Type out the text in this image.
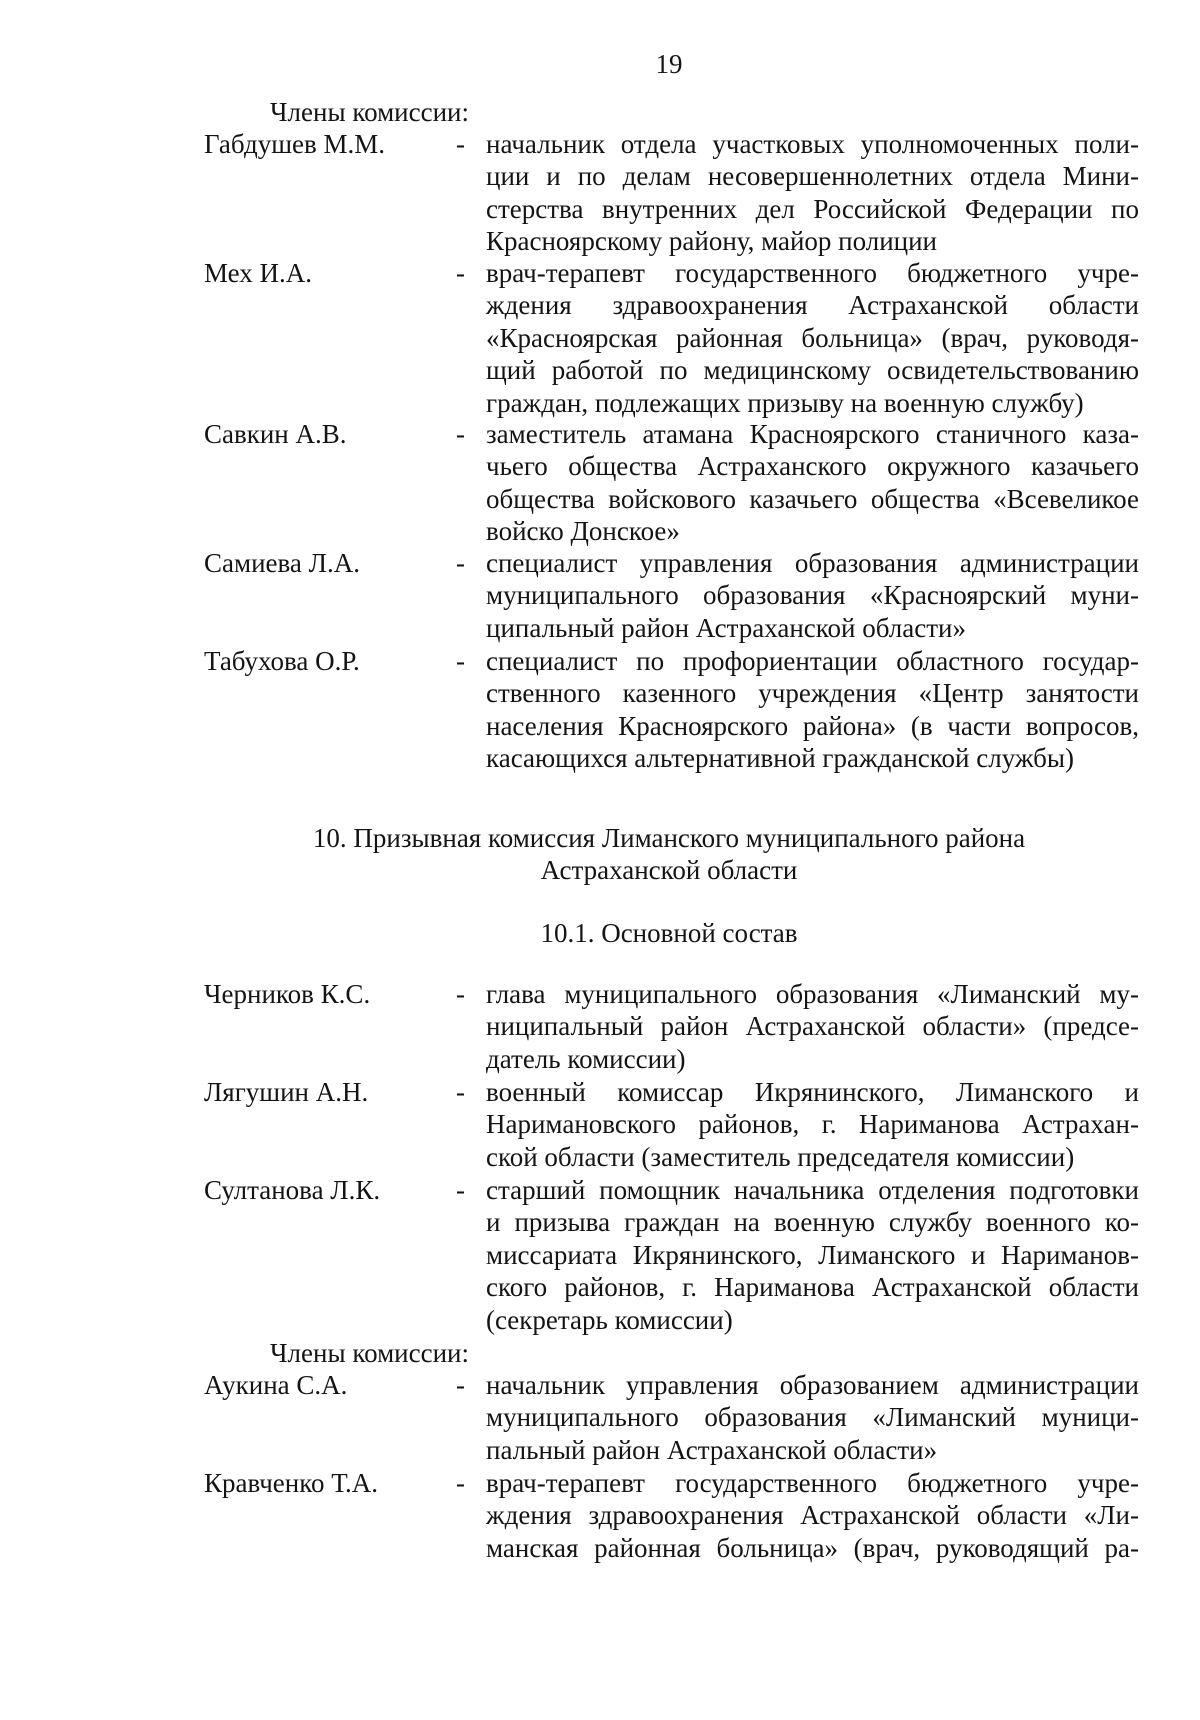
19
Члены комиссии:
Габдушев М.М.	- начальник отдела участковых уполномоченных поли-
ции и по делам несовершеннолетних отдела Мини-
стерства внутренних дел Российской Федерации по
Красноярскому району, майор полиции
Мех И.А.	- врач-терапевт государственного бюджетного учре-
ждения здравоохранения Астраханской области
«Красноярская районная больница» (врач, руководя-
щий работой по медицинскому освидетельствованию
граждан, подлежащих призыву на военную службу)
Савкин А.В.	- заместитель атамана Красноярского станичного каза-
чьего общества Астраханского окружного казачьего
общества войскового казачьего общества «Всевеликое
войско Донское»
Самиева Л.А.	- специалист управления образования администрации
муниципального образования «Красноярский муни-
ципальный район Астраханской области»
Табухова О.Р.	- специалист по профориентации областного государ-
ственного казенного учреждения «Центр занятости
населения Красноярского района» (в части вопросов,
касающихся альтернативной гражданской службы)
10. Призывная комиссия Лиманского муниципального района
Астраханской области
10.1. Основной состав
Черников К.С.	- глава муниципального образования «Лиманский му-
ниципальный район Астраханской области» (предсе-
датель комиссии)
Лягушин А.Н.	- военный комиссар Икрянинского, Лиманского и
Наримановского районов, г. Нариманова Астрахан-
ской области (заместитель председателя комиссии)
Султанова Л.К.	- старший помощник начальника отделения подготовки
и призыва граждан на военную службу военного ко-
миссариата Икрянинского, Лиманского и Нариманов-
ского районов, г. Нариманова Астраханской области
(секретарь комиссии)
Члены комиссии:
Аукина С.А.	- начальник управления образованием администрации
муниципального образования «Лиманский муници-
пальный район Астраханской области»
Кравченко Т.А.	- врач-терапевт государственного бюджетного учре-
ждения здравоохранения Астраханской области «Ли-
манская районная больница» (врач, руководящий ра-
